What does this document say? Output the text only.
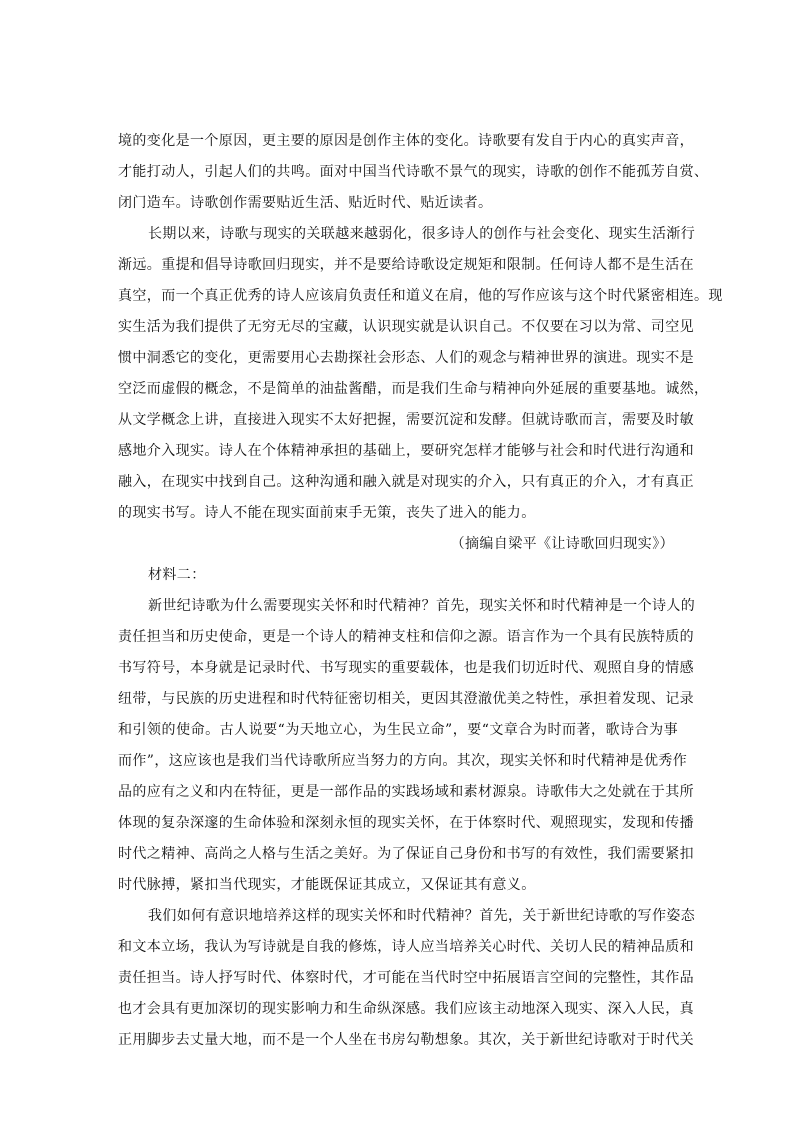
境的变化是一个原因，更主要的原因是创作主体的变化。诗歌要有发自于内心的真实声音，
才能打动人，引起人们的共鸣。面对中国当代诗歌不景气的现实，诗歌的创作不能孤芳自赏、
闭门造车。诗歌创作需要贴近生活、贴近时代、贴近读者。
长期以来，诗歌与现实的关联越来越弱化，很多诗人的创作与社会变化、现实生活渐行
渐远。重提和倡导诗歌回归现实，并不是要给诗歌设定规矩和限制。任何诗人都不是生活在
真空，而一个真正优秀的诗人应该肩负责任和道义在肩，他的写作应该与这个时代紧密相连。现
实生活为我们提供了无穷无尽的宝藏，认识现实就是认识自己。不仅要在习以为常、司空见
惯中洞悉它的变化，更需要用心去勘探社会形态、人们的观念与精神世界的演进。现实不是
空泛而虚假的概念，不是简单的油盐酱醋，而是我们生命与精神向外延展的重要基地。诚然，
从文学概念上讲，直接进入现实不太好把握，需要沉淀和发酵。但就诗歌而言，需要及时敏
感地介入现实。诗人在个体精神承担的基础上，要研究怎样才能够与社会和时代进行沟通和
融入，在现实中找到自己。这种沟通和融入就是对现实的介入，只有真正的介入，才有真正
的现实书写。诗人不能在现实面前束手无策，丧失了进入的能力。
（摘编自梁平《让诗歌回归现实》）
材料二：
新世纪诗歌为什么需要现实关怀和时代精神？首先，现实关怀和时代精神是一个诗人的
责任担当和历史使命，更是一个诗人的精神支柱和信仰之源。语言作为一个具有民族特质的
书写符号，本身就是记录时代、书写现实的重要载体，也是我们切近时代、观照自身的情感
纽带，与民族的历史进程和时代特征密切相关，更因其澄澈优美之特性，承担着发现、记录
和引领的使命。古人说要“为天地立心，为生民立命”，要“文章合为时而著，歌诗合为事
而作”，这应该也是我们当代诗歌所应当努力的方向。其次，现实关怀和时代精神是优秀作
品的应有之义和内在特征，更是一部作品的实践场域和素材源泉。诗歌伟大之处就在于其所
体现的复杂深邃的生命体验和深刻永恒的现实关怀，在于体察时代、观照现实，发现和传播
时代之精神、高尚之人格与生活之美好。为了保证自己身份和书写的有效性，我们需要紧扣
时代脉搏，紧扣当代现实，才能既保证其成立，又保证其有意义。
我们如何有意识地培养这样的现实关怀和时代精神？首先，关于新世纪诗歌的写作姿态
和文本立场，我认为写诗就是自我的修炼，诗人应当培养关心时代、关切人民的精神品质和
责任担当。诗人抒写时代、体察时代，才可能在当代时空中拓展语言空间的完整性，其作品
也才会具有更加深切的现实影响力和生命纵深感。我们应该主动地深入现实、深入人民，真
正用脚步去丈量大地，而不是一个人坐在书房勾勒想象。其次，关于新世纪诗歌对于时代关
